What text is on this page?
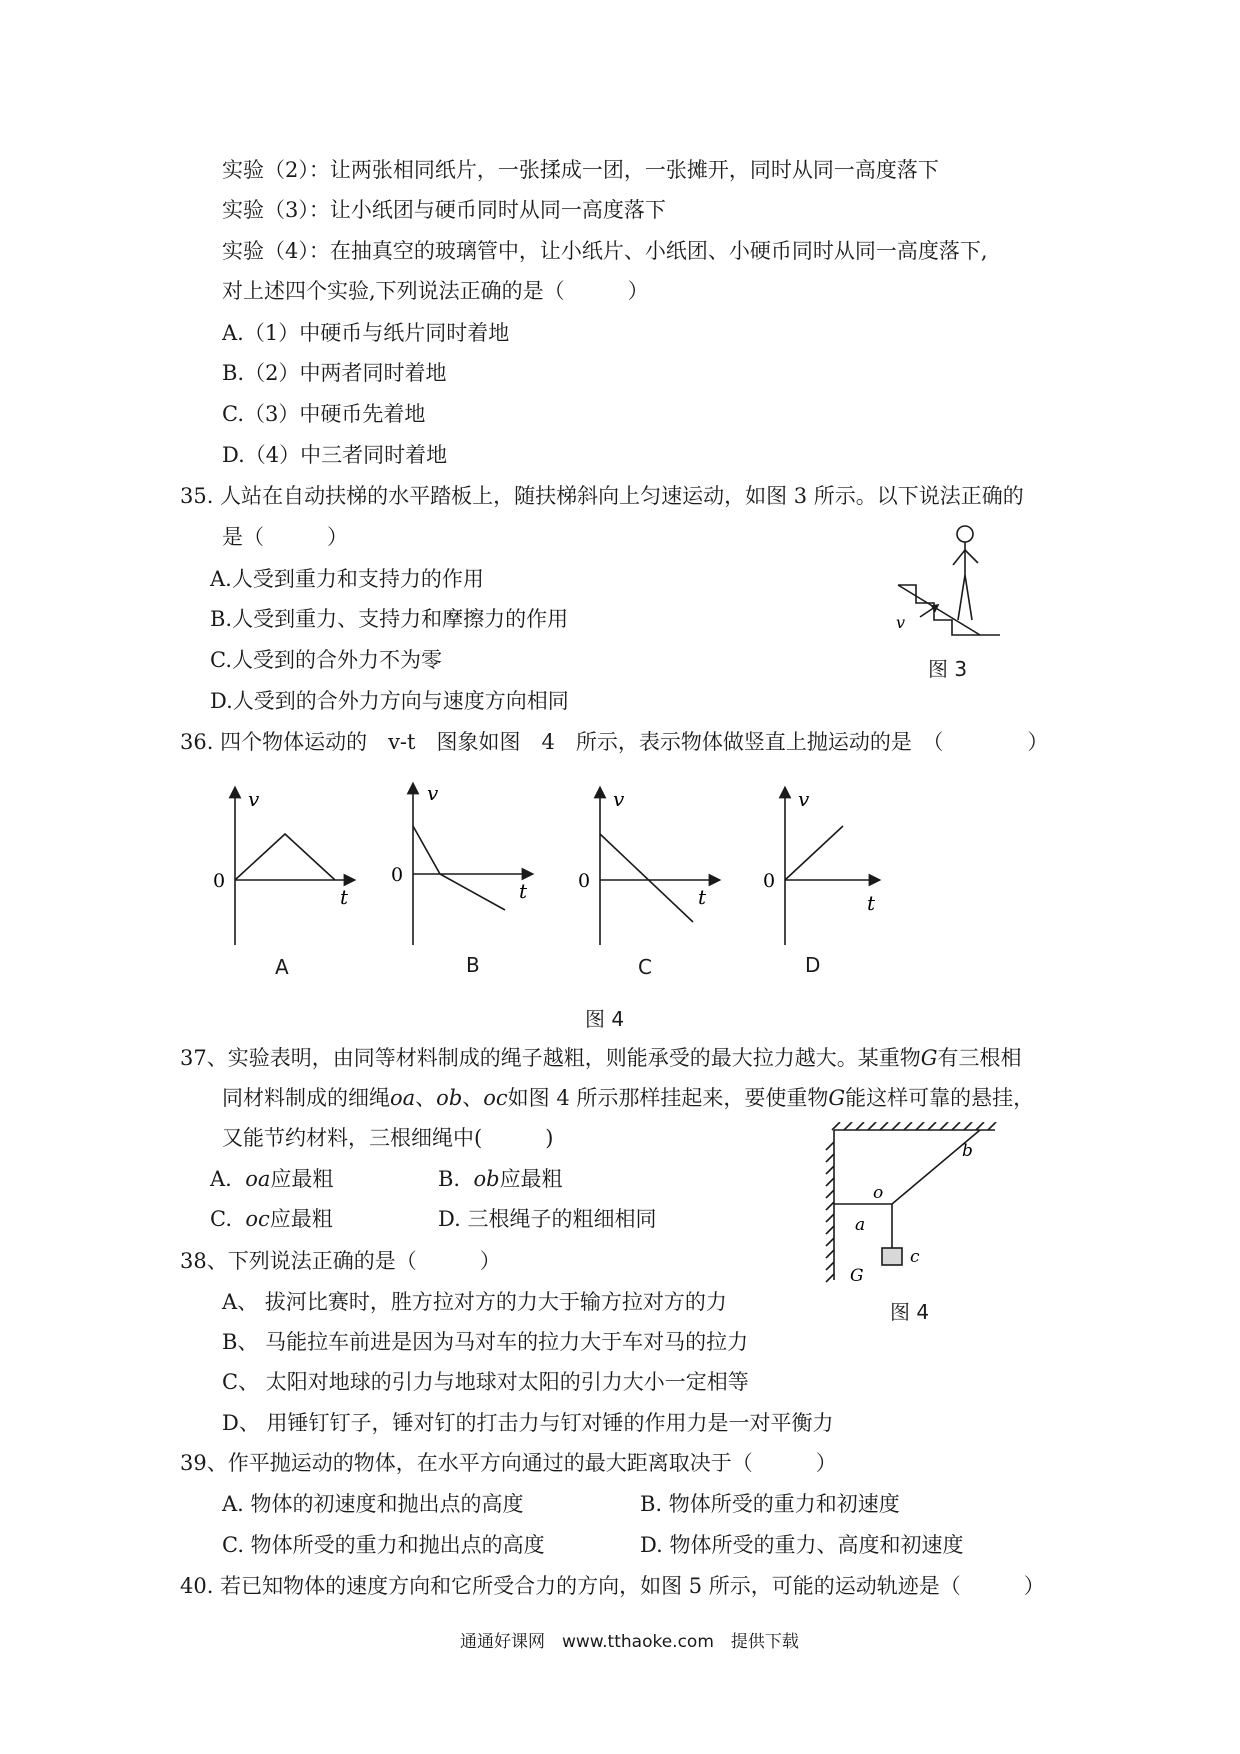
实验（2）：让两张相同纸片，一张揉成一团，一张摊开，同时从同一高度落下
实验（3）：让小纸团与硬币同时从同一高度落下
实验（4）：在抽真空的玻璃管中，让小纸片、小纸团、小硬币同时从同一高度落下,
对上述四个实验,下列说法正确的是（　　　）
A.（1）中硬币与纸片同时着地
B.（2）中两者同时着地
C.（3）中硬币先着地
D.（4）中三者同时着地
35. 人站在自动扶梯的水平踏板上，随扶梯斜向上匀速运动，如图 3 所示。以下说法正确的
是（　　　）
A.人受到重力和支持力的作用
B.人受到重力、支持力和摩擦力的作用
C.人受到的合外力不为零
D.人受到的合外力方向与速度方向相同
v
图 3
36. 四个物体运动的　v-t　图象如图　4　所示，表示物体做竖直上抛运动的是　（　　　　）
v
t
0
v
t
0
v
t
0
v
t
0
A	B	C	D
图 4
37、实验表明，由同等材料制成的绳子越粗，则能承受的最大拉力越大。某重物G有三根相
同材料制成的细绳oa、ob、oc如图 4 所示那样挂起来，要使重物G能这样可靠的悬挂，
又能节约材料，三根细绳中(　　　)
A. oa应最粗	B. ob应最粗
C. oc应最粗	D. 三根绳子的粗细相同
o
a
b
c
G
图 4
38、下列说法正确的是（　　　）
A、 拔河比赛时，胜方拉对方的力大于输方拉对方的力
B、 马能拉车前进是因为马对车的拉力大于车对马的拉力
C、 太阳对地球的引力与地球对太阳的引力大小一定相等
D、 用锤钉钉子，锤对钉的打击力与钉对锤的作用力是一对平衡力
39、作平抛运动的物体，在水平方向通过的最大距离取决于（　　　）
A. 物体的初速度和抛出点的高度	B. 物体所受的重力和初速度
C. 物体所受的重力和抛出点的高度	D. 物体所受的重力、高度和初速度
40. 若已知物体的速度方向和它所受合力的方向，如图 5 所示，可能的运动轨迹是（　　　）
通通好课网　www.tthaoke.com　提供下载
